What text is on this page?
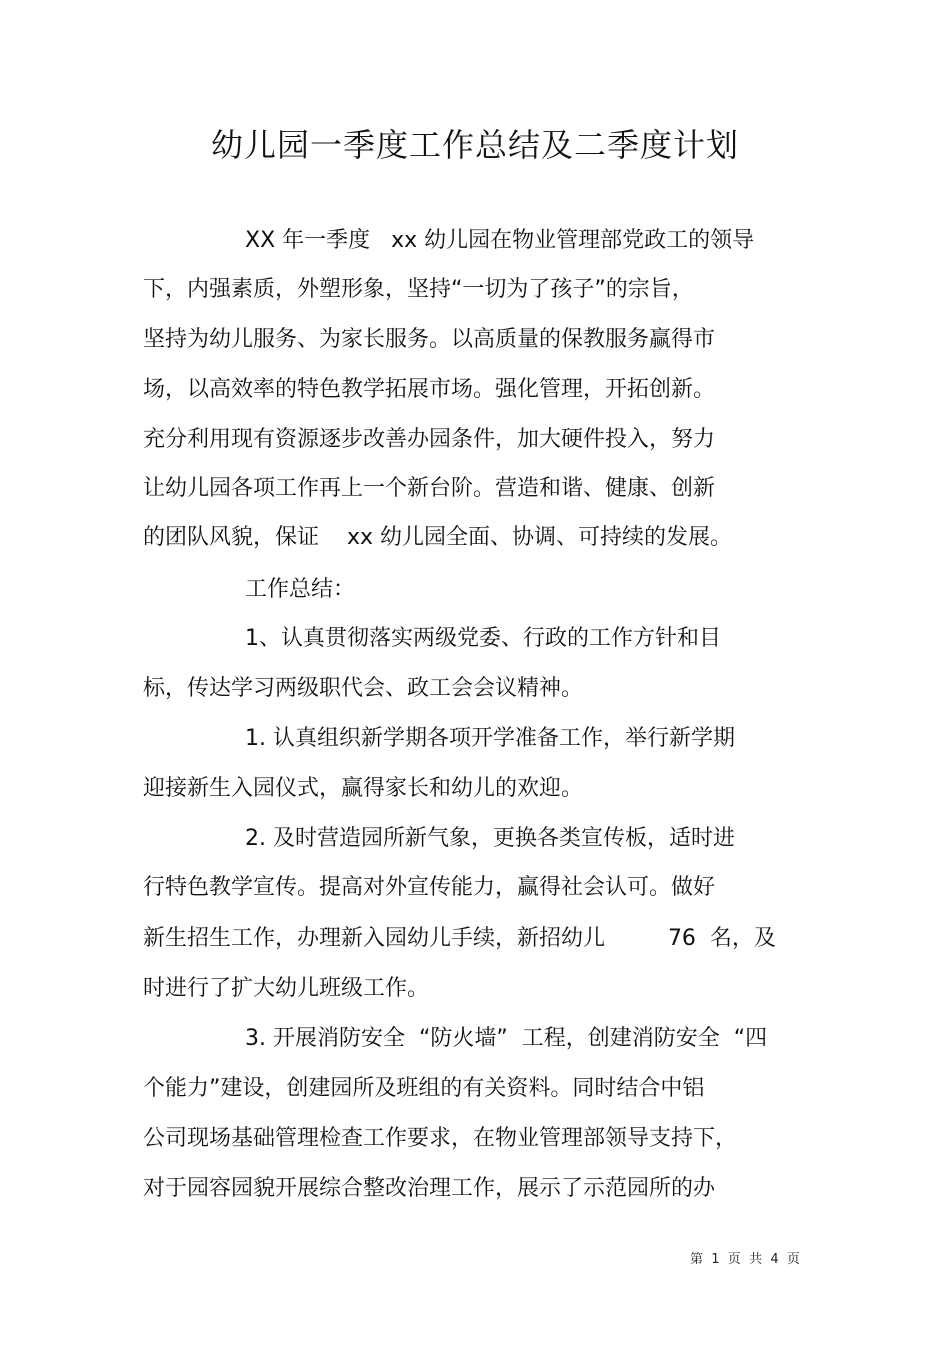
幼儿园一季度工作总结及二季度计划
XX 年一季度   xx 幼儿园在物业管理部党政工的领导
下，内强素质，外塑形象，坚持“一切为了孩子”的宗旨，
坚持为幼儿服务、为家长服务。以高质量的保教服务赢得市
场，以高效率的特色教学拓展市场。强化管理，开拓创新。
充分利用现有资源逐步改善办园条件，加大硬件投入，努力
让幼儿园各项工作再上一个新台阶。营造和谐、健康、创新
的团队风貌，保证    xx 幼儿园全面、协调、可持续的发展。
工作总结：
1、认真贯彻落实两级党委、行政的工作方针和目
标，传达学习两级职代会、政工会会议精神。
1. 认真组织新学期各项开学准备工作，举行新学期
迎接新生入园仪式，赢得家长和幼儿的欢迎。
2. 及时营造园所新气象，更换各类宣传板，适时进
行特色教学宣传。提高对外宣传能力，赢得社会认可。做好
新生招生工作，办理新入园幼儿手续，新招幼儿         76  名，及
时进行了扩大幼儿班级工作。
3. 开展消防安全  “防火墙”  工程，创建消防安全  “四
个能力”建设，创建园所及班组的有关资料。同时结合中铝
公司现场基础管理检查工作要求，在物业管理部领导支持下，
对于园容园貌开展综合整改治理工作，展示了示范园所的办
第  1  页  共  4  页
